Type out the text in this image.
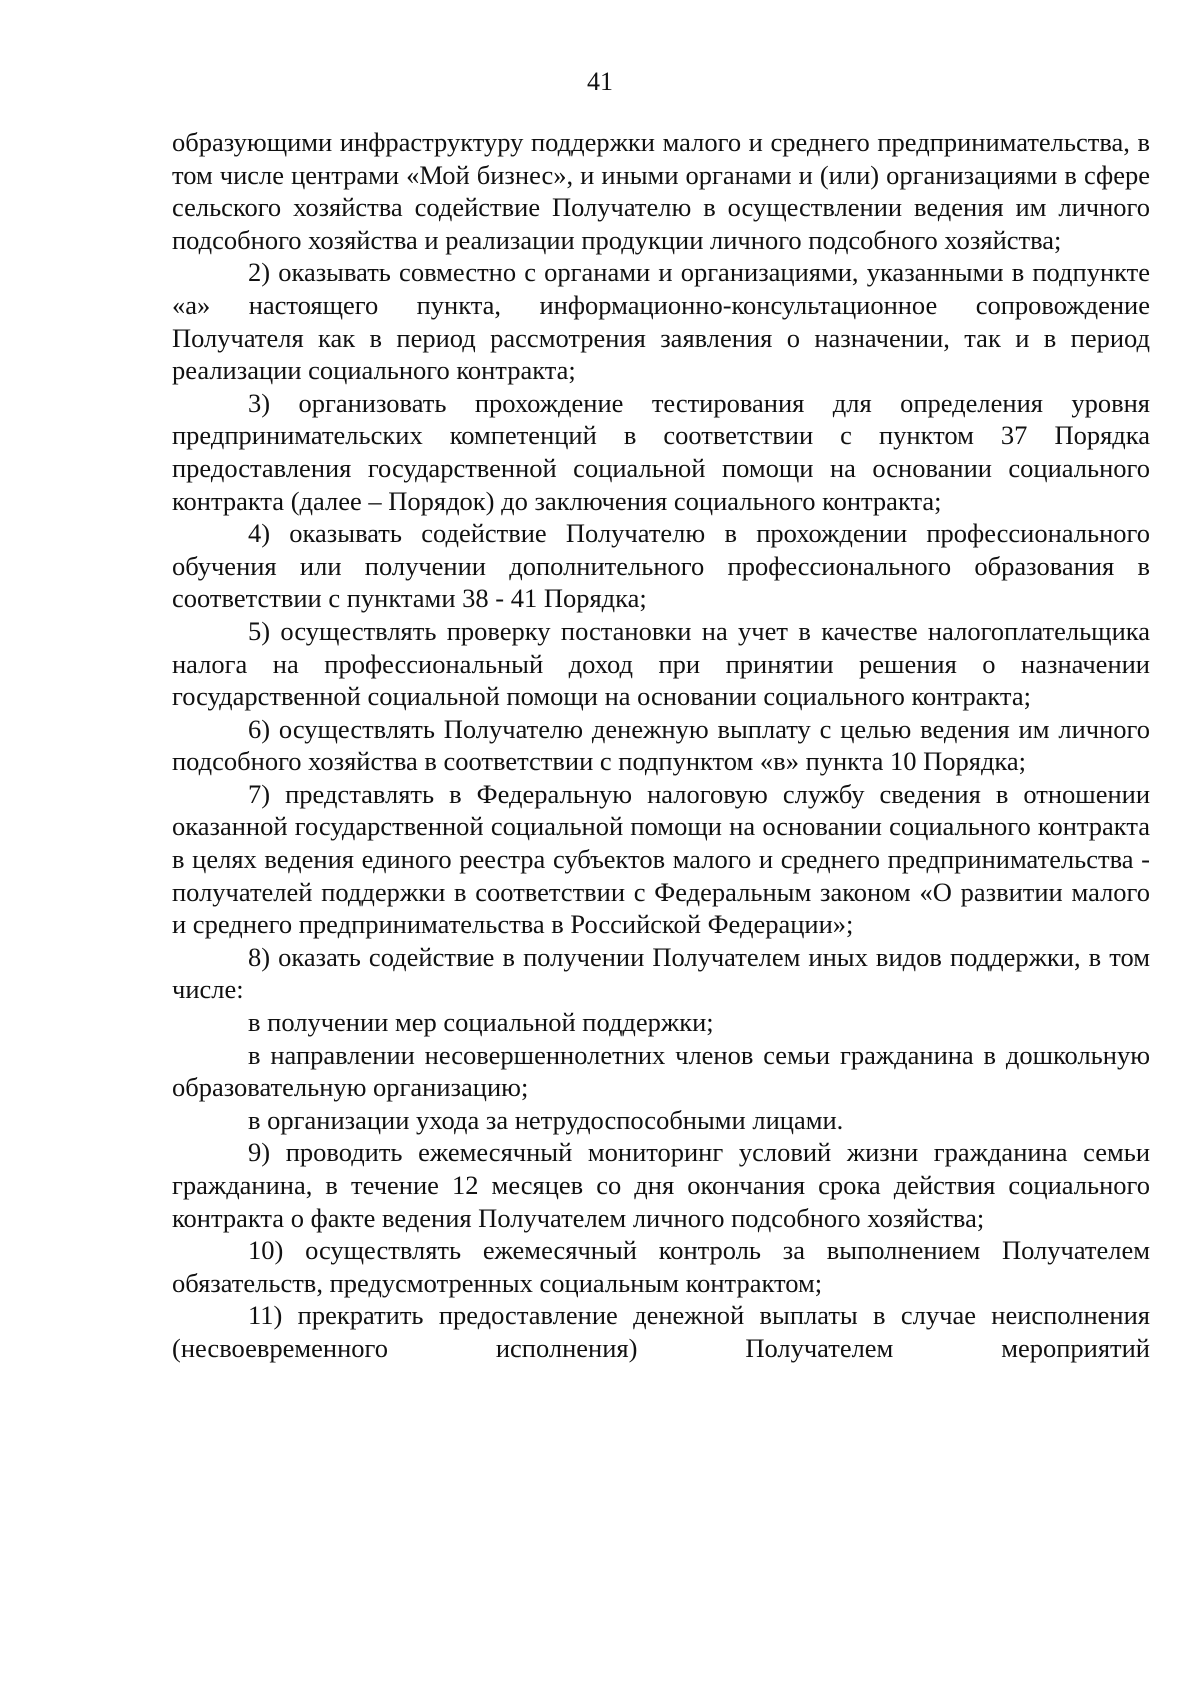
41

образующими инфраструктуру поддержки малого и среднего предпринимательства, в том числе центрами «Мой бизнес», и иными органами и (или) организациями в сфере сельского хозяйства содействие Получателю в осуществлении ведения им личного подсобного хозяйства и реализации продукции личного подсобного хозяйства;

2) оказывать совместно с органами и организациями, указанными в подпункте «а» настоящего пункта, информационно-консультационное сопровождение Получателя как в период рассмотрения заявления о назначении, так и в период реализации социального контракта;

3) организовать прохождение тестирования для определения уровня предпринимательских компетенций в соответствии с пунктом 37 Порядка предоставления государственной социальной помощи на основании социального контракта (далее – Порядок) до заключения социального контракта;

4) оказывать содействие Получателю в прохождении профессионального обучения или получении дополнительного профессионального образования в соответствии с пунктами 38 - 41 Порядка;

5) осуществлять проверку постановки на учет в качестве налогоплательщика налога на профессиональный доход при принятии решения о назначении государственной социальной помощи на основании социального контракта;

6) осуществлять Получателю денежную выплату с целью ведения им личного подсобного хозяйства в соответствии с подпунктом «в» пункта 10 Порядка;

7) представлять в Федеральную налоговую службу сведения в отношении оказанной государственной социальной помощи на основании социального контракта в целях ведения единого реестра субъектов малого и среднего предпринимательства - получателей поддержки в соответствии с Федеральным законом «О развитии малого и среднего предпринимательства в Российской Федерации»;

8) оказать содействие в получении Получателем иных видов поддержки, в том числе:

в получении мер социальной поддержки;

в направлении несовершеннолетних членов семьи гражданина в дошкольную образовательную организацию;

в организации ухода за нетрудоспособными лицами.

9) проводить ежемесячный мониторинг условий жизни гражданина семьи гражданина, в течение 12 месяцев со дня окончания срока действия социального контракта о факте ведения Получателем личного подсобного хозяйства;

10) осуществлять ежемесячный контроль за выполнением Получателем обязательств, предусмотренных социальным контрактом;

11) прекратить предоставление денежной выплаты в случае неисполнения (несвоевременного исполнения) Получателем мероприятий
